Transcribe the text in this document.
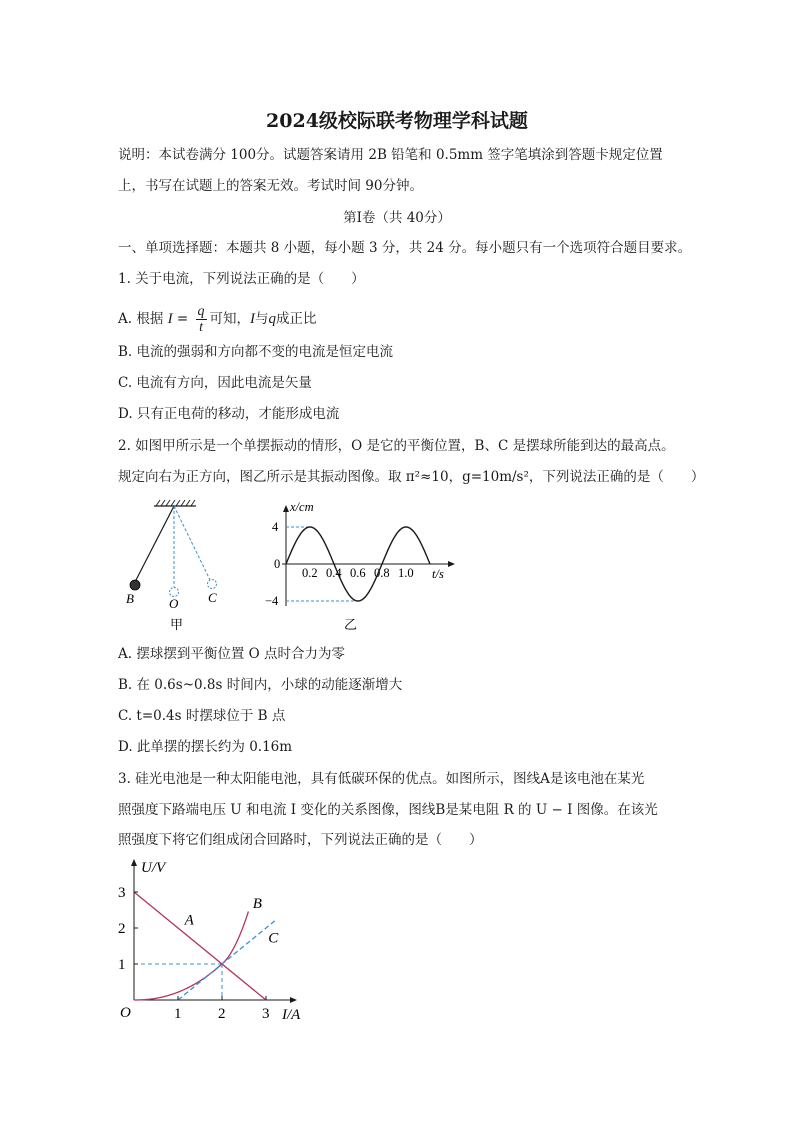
2024级校际联考物理学科试题
说明：本试卷满分 100分。试题答案请用 2B 铅笔和 0.5mm 签字笔填涂到答题卡规定位置
上，书写在试题上的答案无效。考试时间 90分钟。
第Ⅰ卷（共 40分）
一、单项选择题：本题共 8 小题，每小题 3 分，共 24 分。每小题只有一个选项符合题目要求。
1. 关于电流，下列说法正确的是（　　）
A. 根据 $I = \frac{q}{t}$ 可知，I与q成正比
B. 电流的强弱和方向都不变的电流是恒定电流
C. 电流有方向，因此电流是矢量
D. 只有正电荷的移动，才能形成电流
2. 如图甲所示是一个单摆振动的情形，O 是它的平衡位置，B、C 是摆球所能到达的最高点。
规定向右为正方向，图乙所示是其振动图像。取 π²≈10，g=10m/s²，下列说法正确的是（　　）
B	O C
甲
0.2 0.4 0.6 0.8 1.0
4
−4
x/cm
t/s
0
乙
A. 摆球摆到平衡位置 O 点时合力为零
B. 在 0.6s~0.8s 时间内，小球的动能逐渐增大
C. t=0.4s 时摆球位于 B 点
D. 此单摆的摆长约为 0.16m
3. 硅光电池是一种太阳能电池，具有低碳环保的优点。如图所示，图线A是该电池在某光
照强度下路端电压 U 和电流 I 变化的关系图像，图线B是某电阻 R 的 U − I 图像。在该光
照强度下将它们组成闭合回路时，下列说法正确的是（　　）
1 2 3
1
2
3
A
B
C
U/V
I/A
O
